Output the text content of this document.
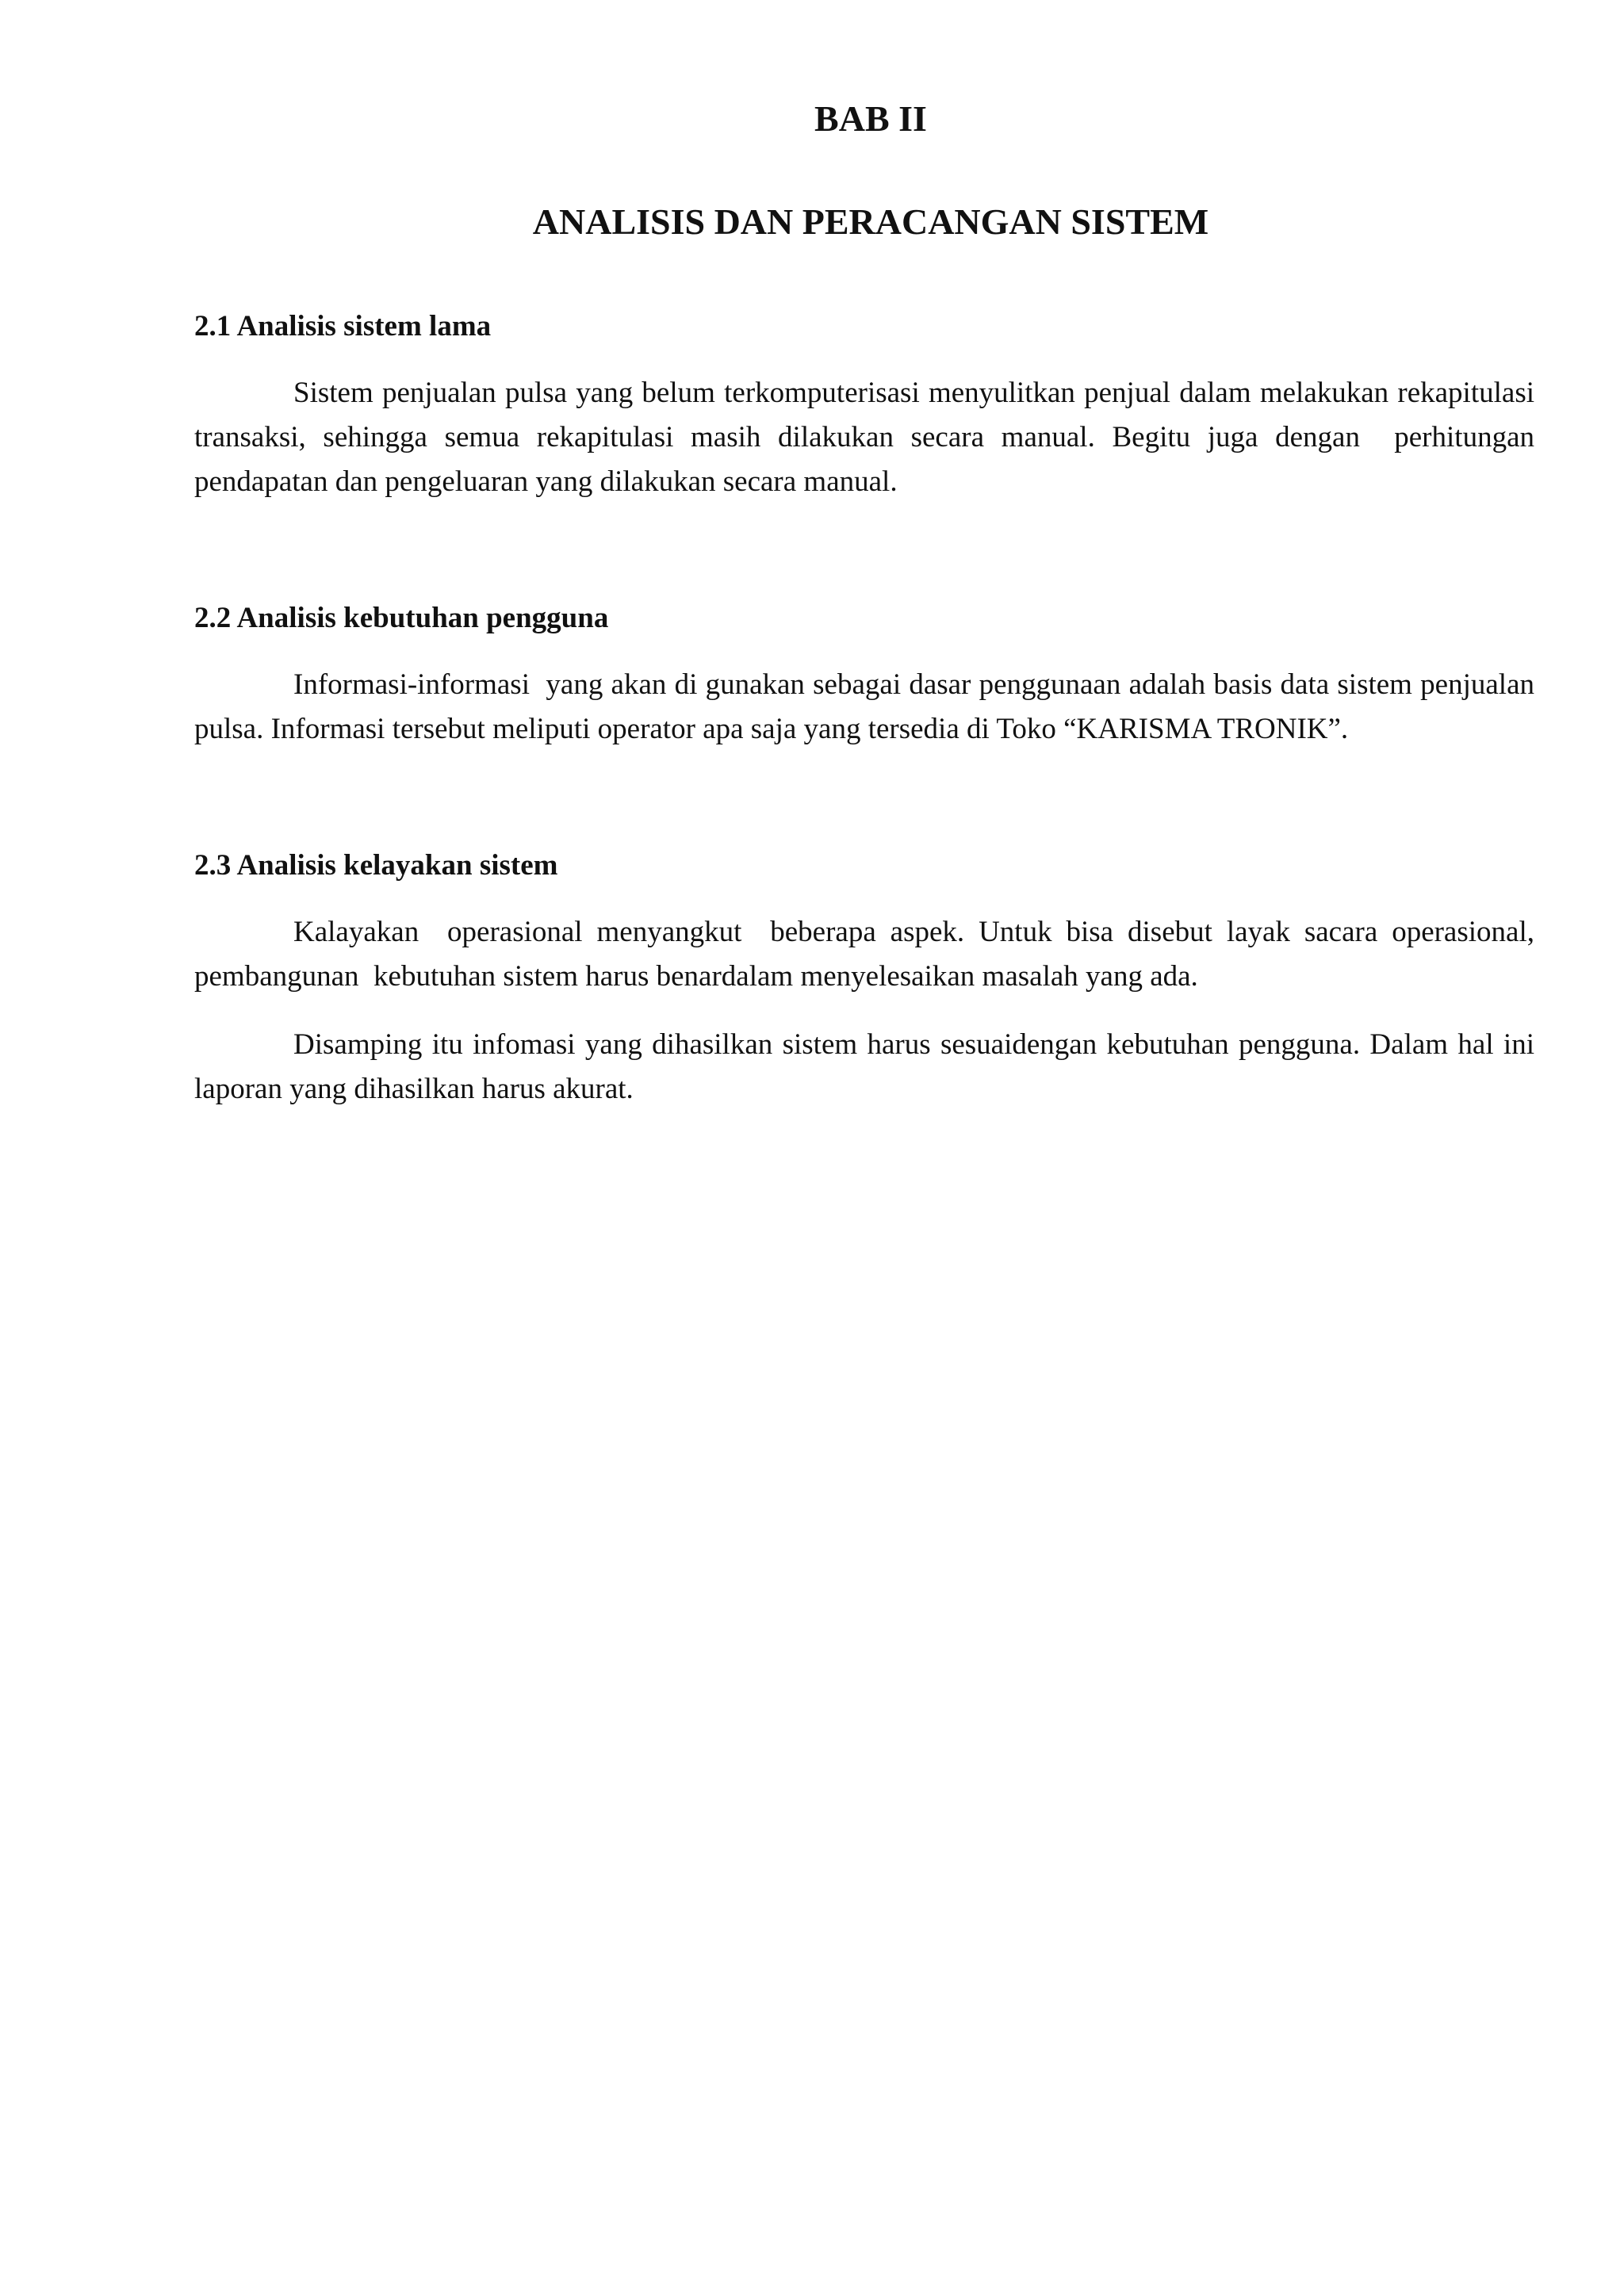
BAB II
ANALISIS DAN PERACANGAN SISTEM
2.1 Analisis sistem lama

Sistem penjualan pulsa yang belum terkomputerisasi menyulitkan penjual dalam melakukan rekapitulasi transaksi, sehingga semua rekapitulasi masih dilakukan secara manual. Begitu juga dengan  perhitungan pendapatan dan pengeluaran yang dilakukan secara manual.

2.2 Analisis kebutuhan pengguna

Informasi-informasi  yang akan di gunakan sebagai dasar penggunaan adalah basis data sistem penjualan pulsa. Informasi tersebut meliputi operator apa saja yang tersedia di Toko “KARISMA TRONIK”.

2.3 Analisis kelayakan sistem

Kalayakan  operasional menyangkut  beberapa aspek. Untuk bisa disebut layak sacara operasional, pembangunan  kebutuhan sistem harus benardalam menyelesaikan masalah yang ada.

Disamping itu infomasi yang dihasilkan sistem harus sesuaidengan kebutuhan pengguna. Dalam hal ini laporan yang dihasilkan harus akurat.
